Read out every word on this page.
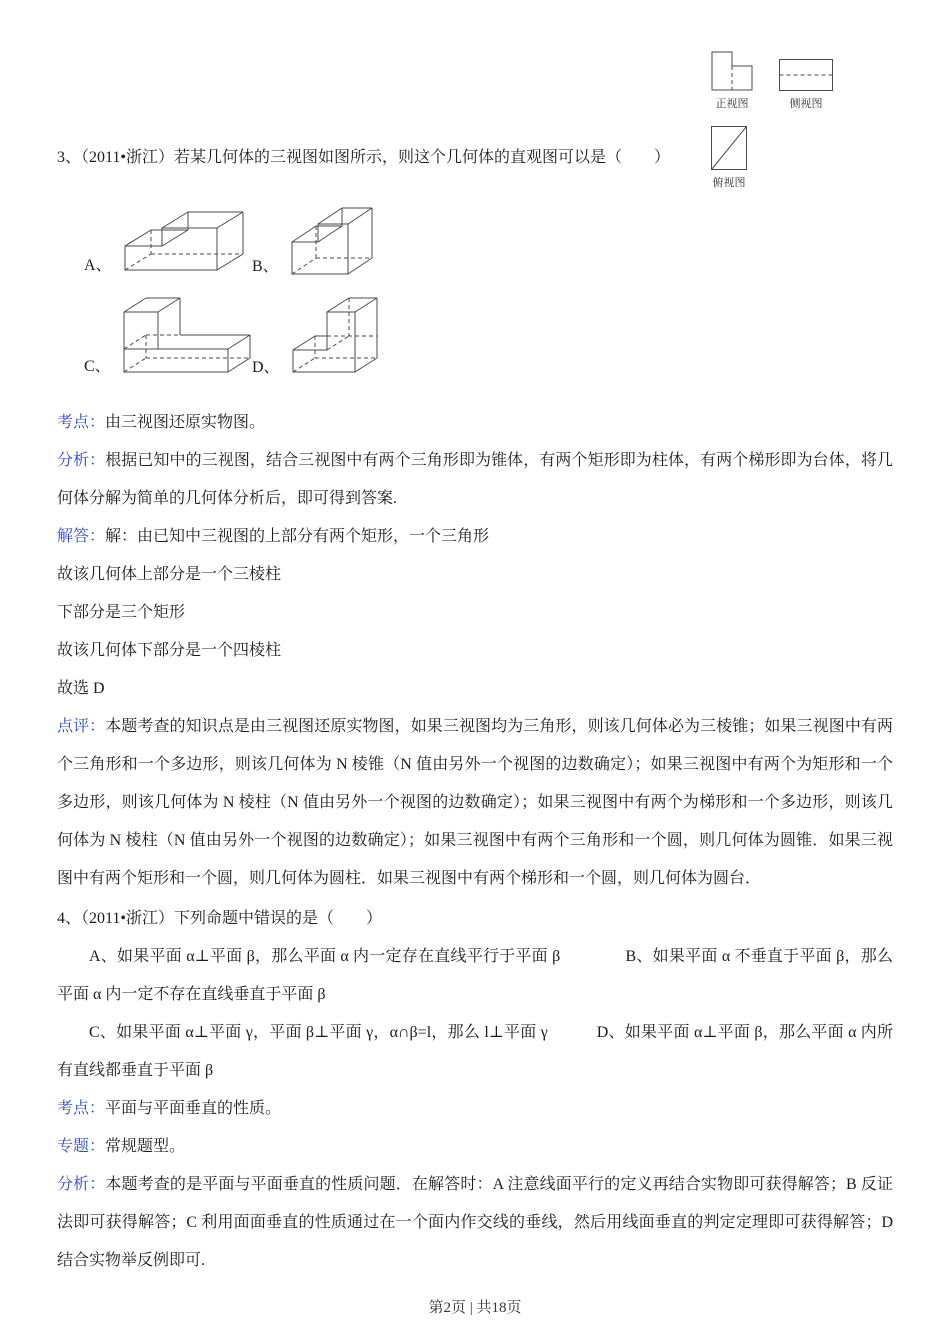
正视图	侧视图
俯视图

3、（2011•浙江）若某几何体的三视图如图所示，则这个几何体的直观图可以是（　　）

A、	B、
C、	D、

考点：由三视图还原实物图。

分析：根据已知中的三视图，结合三视图中有两个三角形即为锥体，有两个矩形即为柱体，有两个梯形即为台体，将几何体分解为简单的几何体分析后，即可得到答案.

解答：解：由已知中三视图的上部分有两个矩形，一个三角形

故该几何体上部分是一个三棱柱

下部分是三个矩形

故该几何体下部分是一个四棱柱

故选 D

点评：本题考查的知识点是由三视图还原实物图，如果三视图均为三角形，则该几何体必为三棱锥；如果三视图中有两个三角形和一个多边形，则该几何体为 N 棱锥（N 值由另外一个视图的边数确定）；如果三视图中有两个为矩形和一个多边形，则该几何体为 N 棱柱（N 值由另外一个视图的边数确定）；如果三视图中有两个为梯形和一个多边形，则该几何体为 N 棱柱（N 值由另外一个视图的边数确定）；如果三视图中有两个三角形和一个圆，则几何体为圆锥．如果三视图中有两个矩形和一个圆，则几何体为圆柱．如果三视图中有两个梯形和一个圆，则几何体为圆台．

4、（2011•浙江）下列命题中错误的是（　　）

A、如果平面 α⊥平面 β，那么平面 α 内一定存在直线平行于平面 β　　　　B、如果平面 α 不垂直于平面 β，那么平面 α 内一定不存在直线垂直于平面 β

C、如果平面 α⊥平面 γ，平面 β⊥平面 γ，α∩β=l，那么 l⊥平面 γ　　　D、如果平面 α⊥平面 β，那么平面 α 内所有直线都垂直于平面 β

考点：平面与平面垂直的性质。

专题：常规题型。

分析：本题考查的是平面与平面垂直的性质问题．在解答时：A 注意线面平行的定义再结合实物即可获得解答；B 反证法即可获得解答；C 利用面面垂直的性质通过在一个面内作交线的垂线，然后用线面垂直的判定定理即可获得解答；D 结合实物举反例即可.

第2页 | 共18页
